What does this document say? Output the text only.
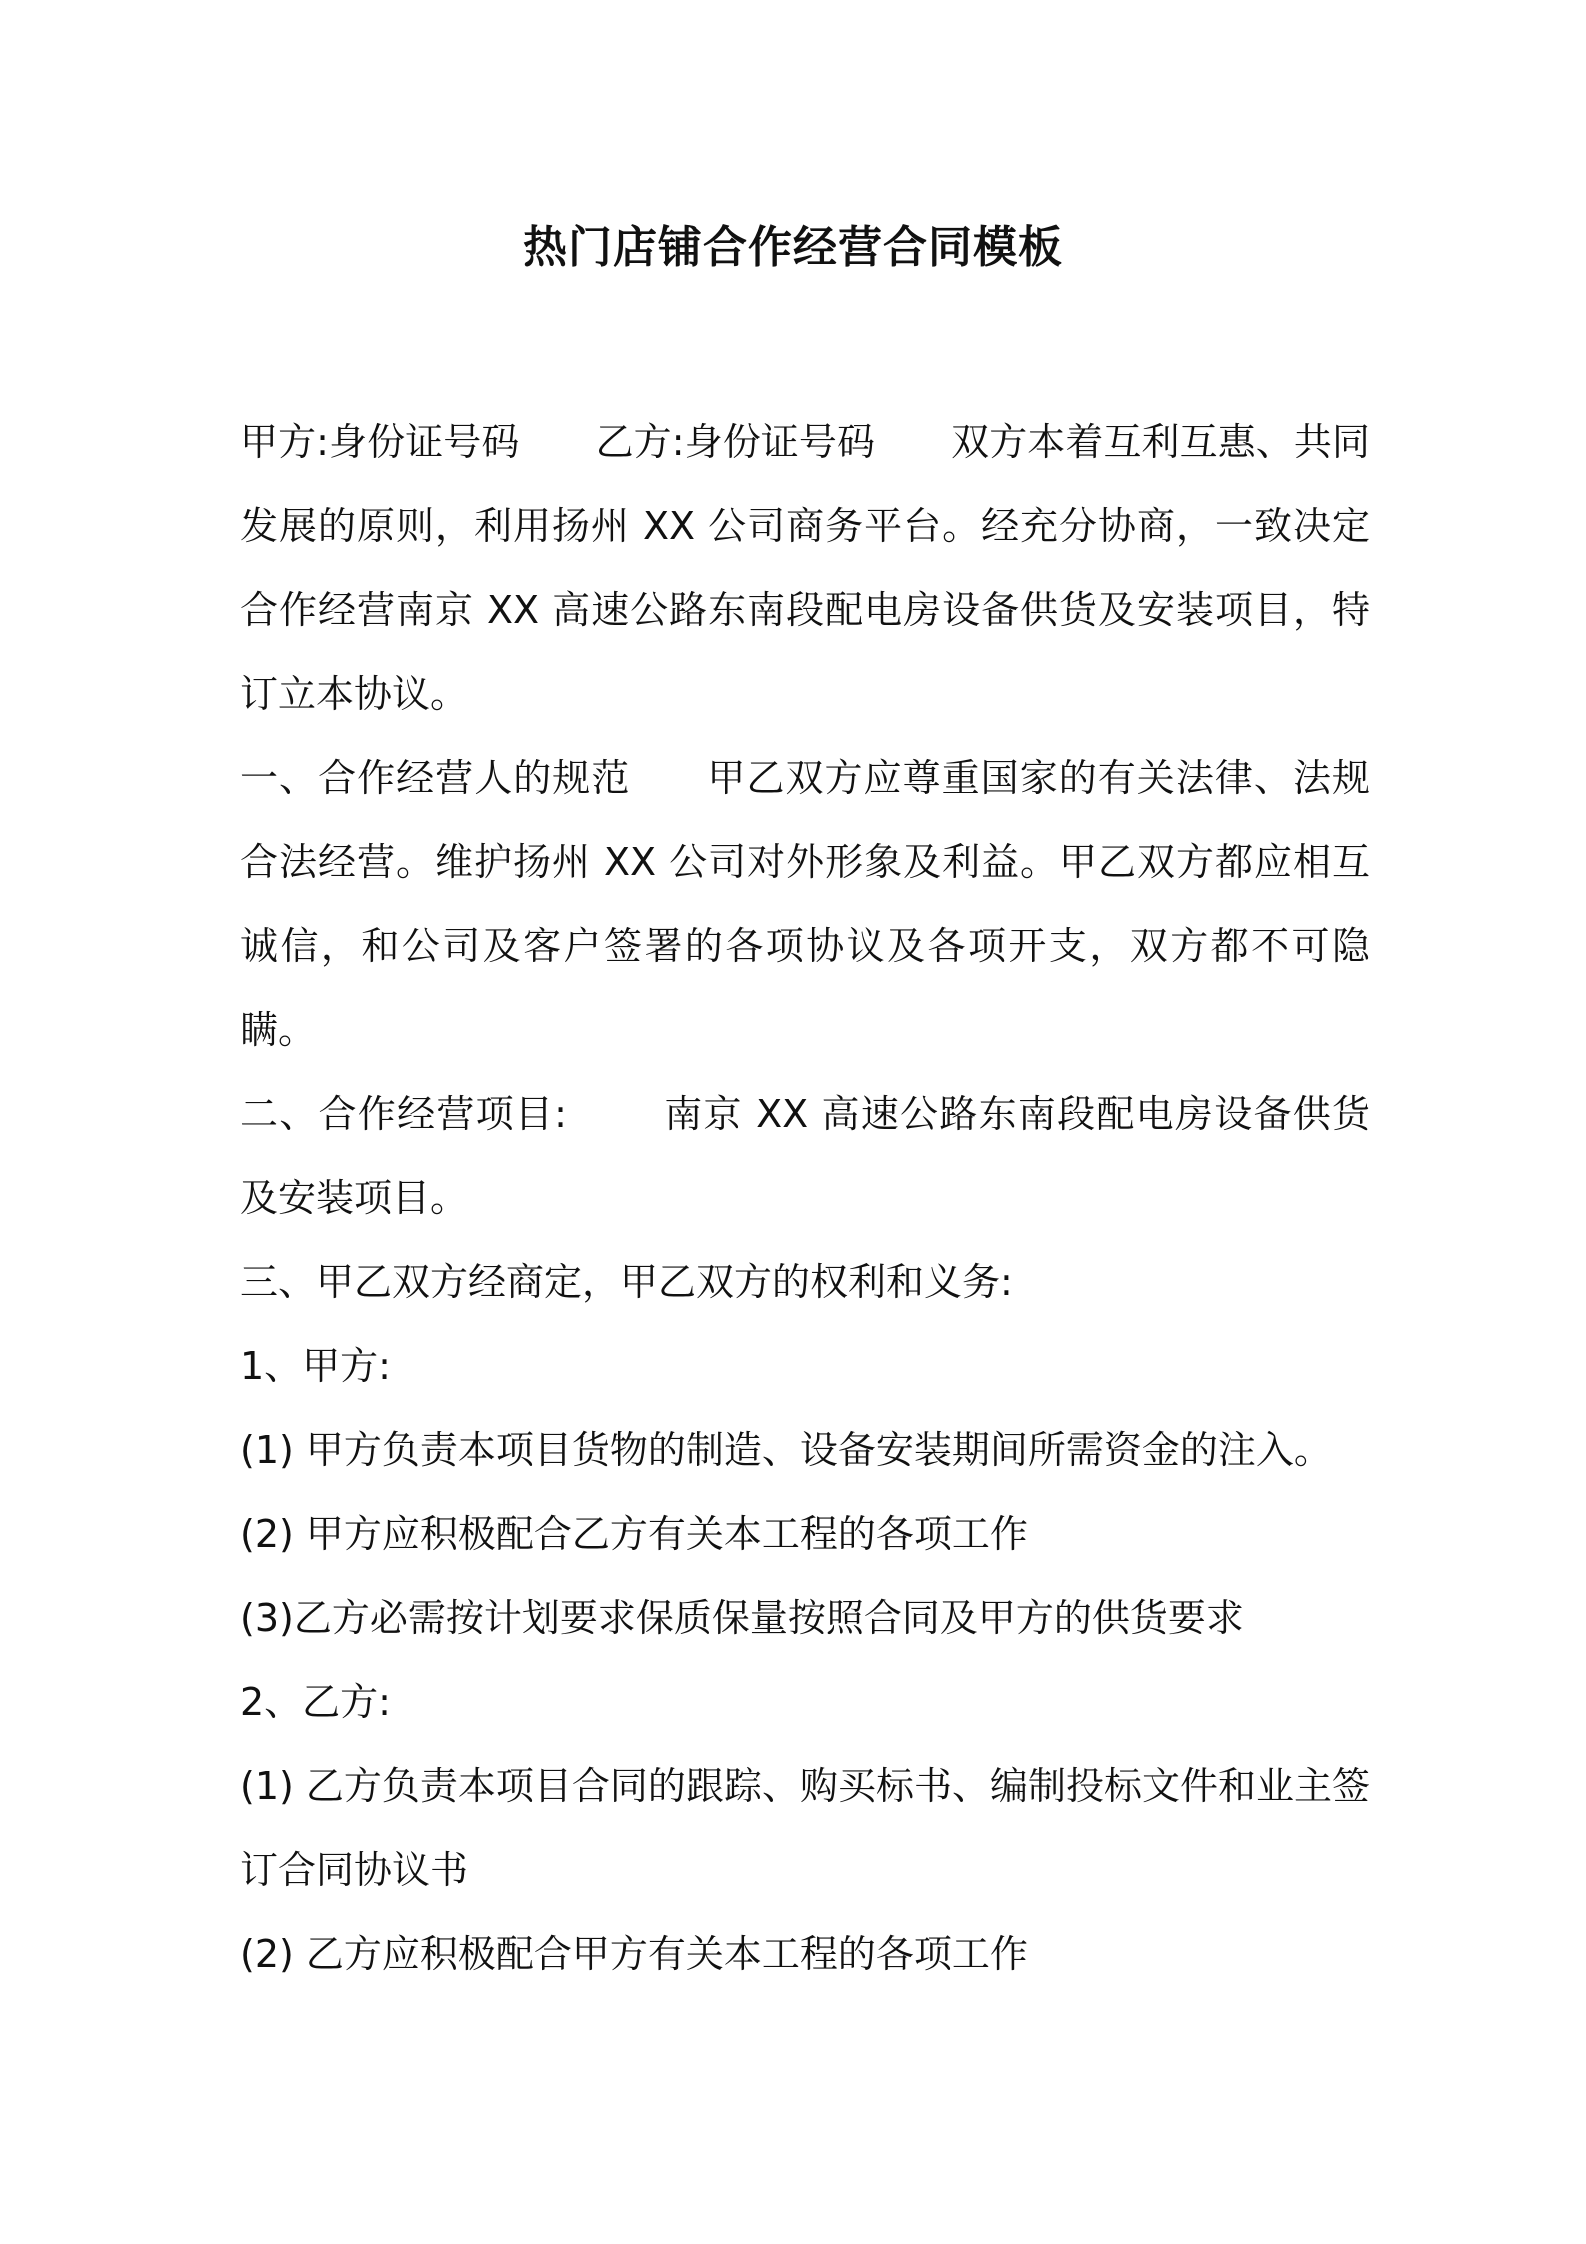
热门店铺合作经营合同模板

甲方:身份证号码 乙方:身份证号码 双方本着互利互惠、共同发展的原则，利用扬州 XX 公司商务平台。经充分协商，一致决定合作经营南京 XX 高速公路东南段配电房设备供货及安装项目，特订立本协议。

一、合作经营人的规范 甲乙双方应尊重国家的有关法律、法规合法经营。维护扬州 XX 公司对外形象及利益。甲乙双方都应相互诚信，和公司及客户签署的各项协议及各项开支，双方都不可隐瞒。

二、合作经营项目:	南京 XX 高速公路东南段配电房设备供货及安装项目。

三、甲乙双方经商定，甲乙双方的权利和义务:

1、甲方:

(1) 甲方负责本项目货物的制造、设备安装期间所需资金的注入。

(2) 甲方应积极配合乙方有关本工程的各项工作

(3)乙方必需按计划要求保质保量按照合同及甲方的供货要求

2、乙方:

(1) 乙方负责本项目合同的跟踪、购买标书、编制投标文件和业主签订合同协议书

(2) 乙方应积极配合甲方有关本工程的各项工作
